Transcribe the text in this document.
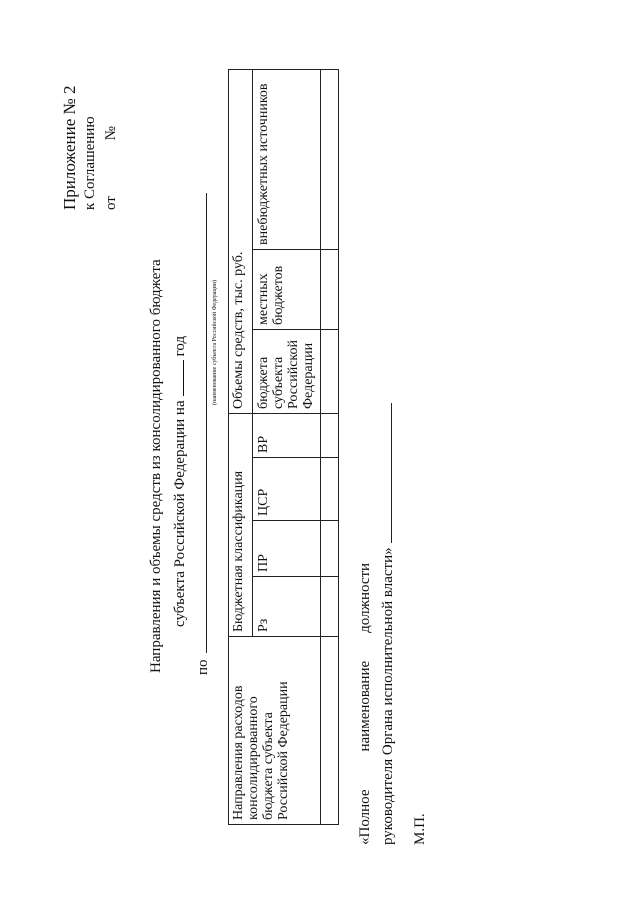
Приложение № 2 к Соглашению от №
Направления и объемы средств из консолидированного бюджета субъекта Российской Федерации нагод
по
(наименование субъекта Российской Федерации)
Направления расходов консолидированного бюджета субъекта Российской Федерации	Бюджетная классификация				Объемы средств, тыс. руб.		
	Рз	ПР	ЦСР	ВР	бюджета субъекта Российской Федерации	местных бюджетов	внебюджетных источников

«Полноенаименованиедолжности руководителя Органа исполнительной власти» М.П.
